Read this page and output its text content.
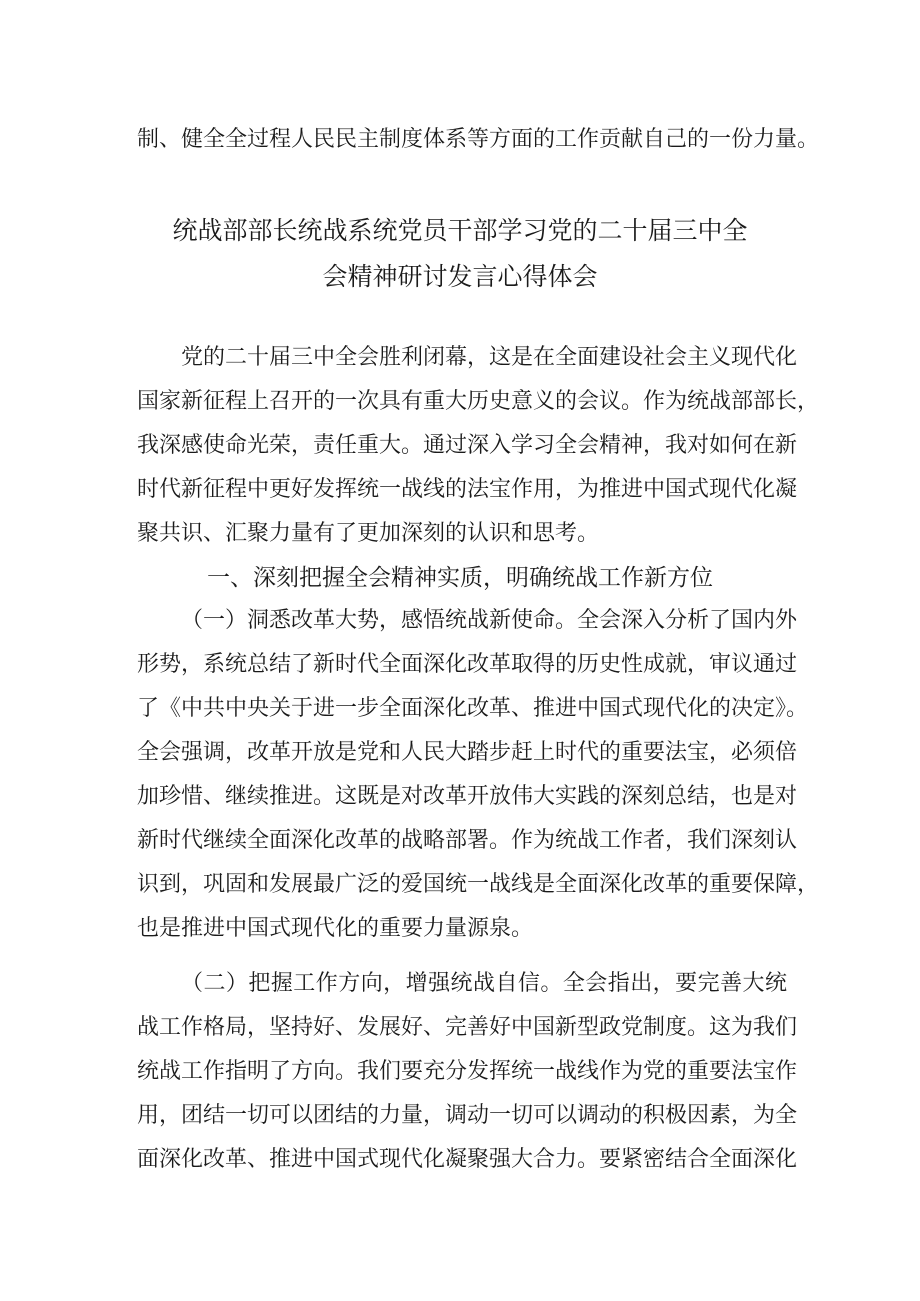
制、健全全过程人民民主制度体系等方面的工作贡献自己的一份力量。
统战部部长统战系统党员干部学习党的二十届三中全
会精神研讨发言心得体会
党的二十届三中全会胜利闭幕，这是在全面建设社会主义现代化
国家新征程上召开的一次具有重大历史意义的会议。作为统战部部长，
我深感使命光荣，责任重大。通过深入学习全会精神，我对如何在新
时代新征程中更好发挥统一战线的法宝作用，为推进中国式现代化凝
聚共识、汇聚力量有了更加深刻的认识和思考。
一、深刻把握全会精神实质，明确统战工作新方位
（一）洞悉改革大势，感悟统战新使命。全会深入分析了国内外
形势，系统总结了新时代全面深化改革取得的历史性成就，审议通过
了《中共中央关于进一步全面深化改革、推进中国式现代化的决定》。
全会强调，改革开放是党和人民大踏步赶上时代的重要法宝，必须倍
加珍惜、继续推进。这既是对改革开放伟大实践的深刻总结，也是对
新时代继续全面深化改革的战略部署。作为统战工作者，我们深刻认
识到，巩固和发展最广泛的爱国统一战线是全面深化改革的重要保障，
也是推进中国式现代化的重要力量源泉。
（二）把握工作方向，增强统战自信。全会指出，要完善大统
战工作格局，坚持好、发展好、完善好中国新型政党制度。这为我们
统战工作指明了方向。我们要充分发挥统一战线作为党的重要法宝作
用，团结一切可以团结的力量，调动一切可以调动的积极因素，为全
面深化改革、推进中国式现代化凝聚强大合力。要紧密结合全面深化
